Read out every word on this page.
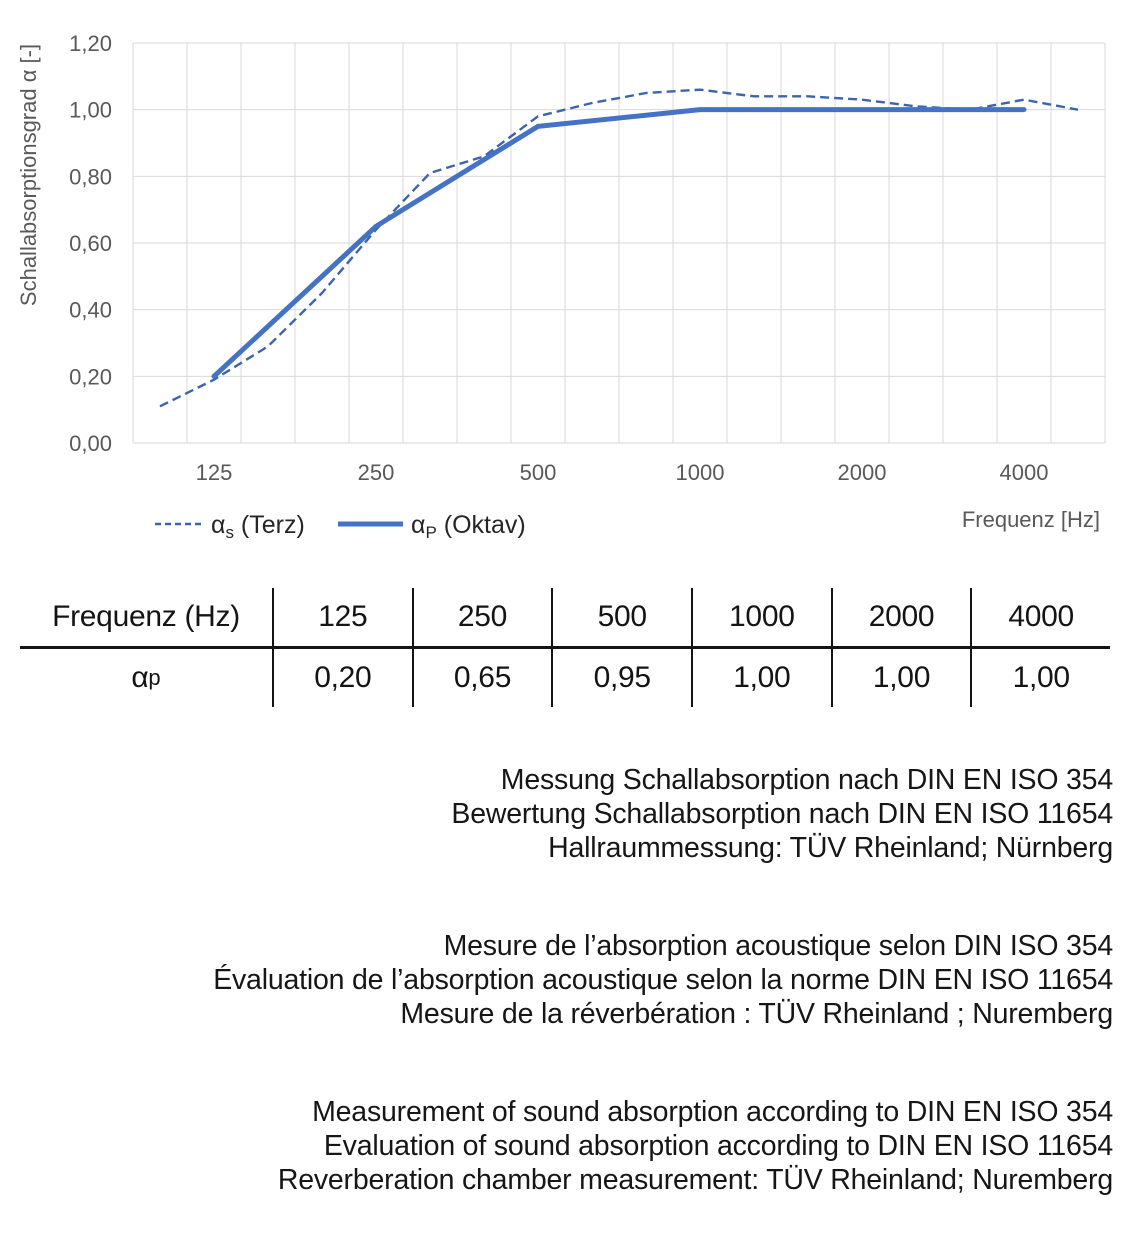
1,20
1,00
0,80
0,60
0,40
0,20
0,00
125	250	500	1000	2000	4000
Schallabsorptionsgrad α [-]
Frequenz [Hz]
$\alpha_s$ (Terz)	$\alpha_P$ (Oktav)
Frequenz (Hz)	125	250	500	1000	2000	4000
α p	0,20	0,65	0,95	1,00	1,00	1,00
Messung Schallabsorption nach DIN EN ISO 354
Bewertung Schallabsorption nach DIN EN ISO 11654
Hallraummessung: TÜV Rheinland; Nürnberg
Mesure de l’absorption acoustique selon DIN ISO 354
Évaluation de l’absorption acoustique selon la norme DIN EN ISO 11654
Mesure de la réverbération : TÜV Rheinland ; Nuremberg
Measurement of sound absorption according to DIN EN ISO 354
Evaluation of sound absorption according to DIN EN ISO 11654
Reverberation chamber measurement: TÜV Rheinland; Nuremberg
